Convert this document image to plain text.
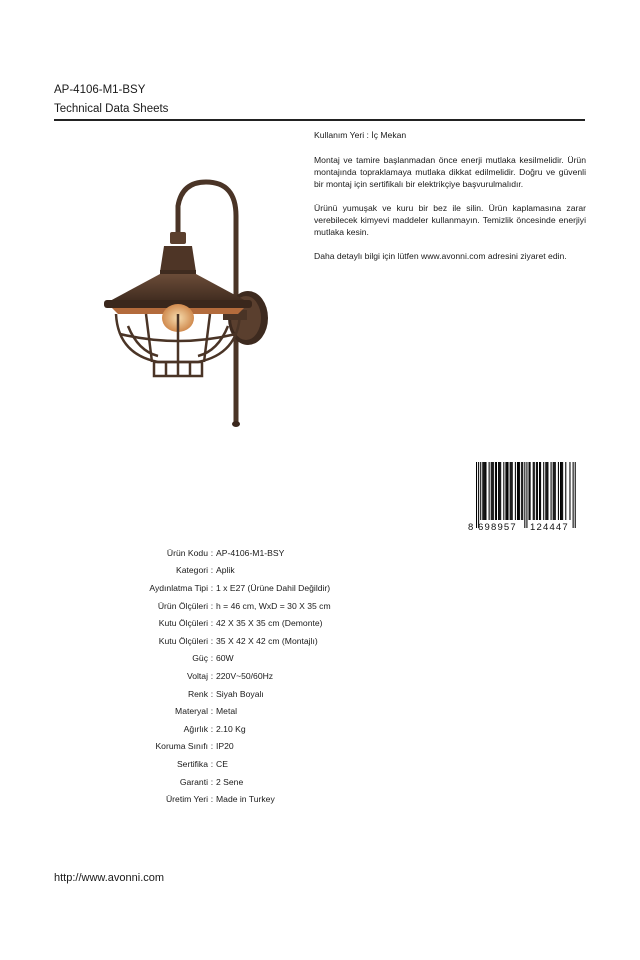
AP-4106-M1-BSY
Technical Data Sheets

Kullanım Yeri : İç Mekan

Montaj ve tamire başlanmadan önce enerji mutlaka kesilmelidir. Ürün montajında topraklamaya mutlaka dikkat edilmelidir. Doğru ve güvenli bir montaj için sertifikalı bir elektrikçiye başvurulmalıdır.

Ürünü yumuşak ve kuru bir bez ile silin. Ürün kaplamasına zarar verebilecek kimyevi maddeler kullanmayın. Temizlik öncesinde enerjiyi mutlaka kesin.

Daha detaylı bilgi için lütfen www.avonni.com adresini ziyaret edin.

8 698957 124447
Ürün Kodu : AP-4106-M1-BSY
Kategori : Aplik
Aydınlatma Tipi : 1 x E27 (Ürüne Dahil Değildir)
Ürün Ölçüleri : h = 46 cm, WxD = 30 X 35 cm
Kutu Ölçüleri : 42 X 35 X 35 cm (Demonte)
Kutu Ölçüleri : 35 X 42 X 42 cm (Montajlı)
Güç : 60W
Voltaj : 220V~50/60Hz
Renk : Siyah Boyalı
Materyal : Metal
Ağırlık : 2.10 Kg
Koruma Sınıfı : IP20
Sertifika : CE
Garanti : 2 Sene
Üretim Yeri : Made in Turkey
http://www.avonni.com
